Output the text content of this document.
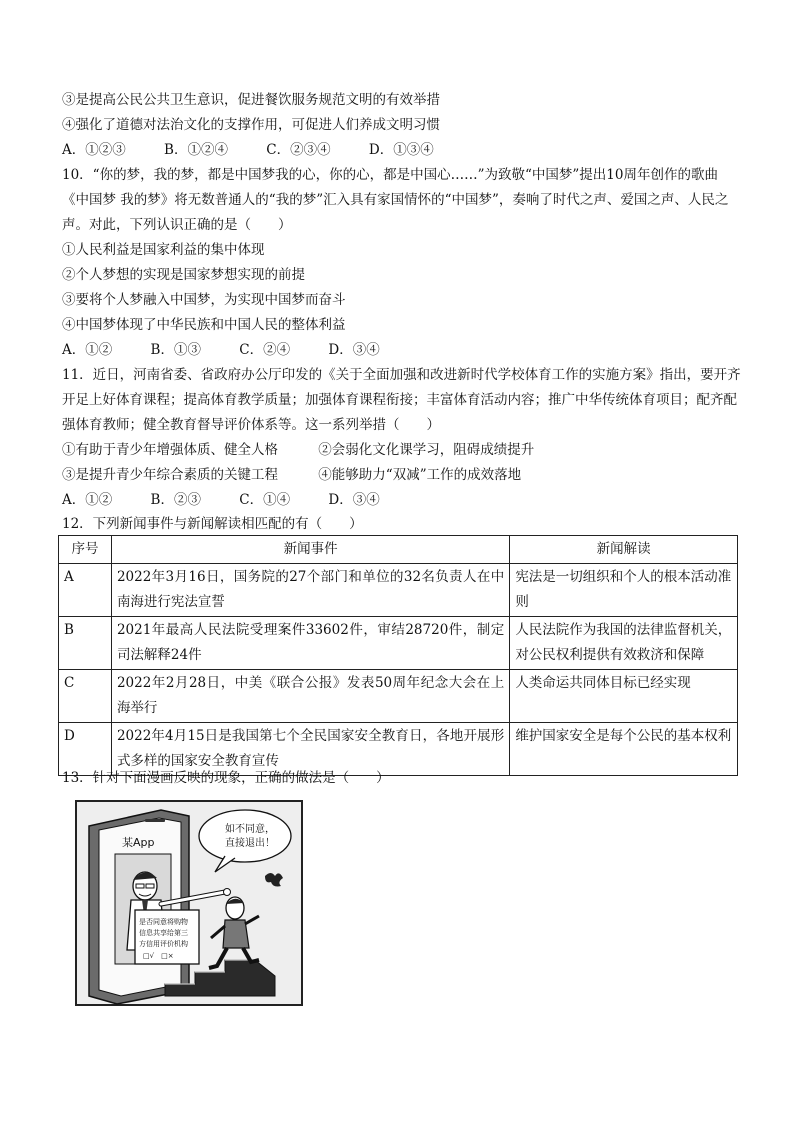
③是提高公民公共卫生意识，促进餐饮服务规范文明的有效举措
④强化了道德对法治文化的支撑作用，可促进人们养成文明习惯
A．①②③	B．①②④	C．②③④	D．①③④
10．“你的梦，我的梦，都是中国梦我的心，你的心，都是中国心……”为致敬“中国梦”提出10周年创作的歌曲《中国梦 我的梦》将无数普通人的“我的梦”汇入具有家国情怀的“中国梦”，奏响了时代之声、爱国之声、人民之声。对此，下列认识正确的是（　　）
①人民利益是国家利益的集中体现
②个人梦想的实现是国家梦想实现的前提
③要将个人梦融入中国梦，为实现中国梦而奋斗
④中国梦体现了中华民族和中国人民的整体利益
A．①②	B．①③	C．②④	D．③④
11．近日，河南省委、省政府办公厅印发的《关于全面加强和改进新时代学校体育工作的实施方案》指出，要开齐开足上好体育课程；提高体育教学质量；加强体育课程衔接；丰富体育活动内容；推广中华传统体育项目；配齐配强体育教师；健全教育督导评价体系等。这一系列举措（　　）
①有助于青少年增强体质、健全人格	②会弱化文化课学习，阻碍成绩提升
③是提升青少年综合素质的关键工程	④能够助力“双减”工作的成效落地
A．①②	B．②③	C．①④	D．③④
12．下列新闻事件与新闻解读相匹配的有（　　）
序号	新闻事件	新闻解读
A	2022年3月16日，国务院的27个部门和单位的32名负责人在中南海进行宪法宣誓	宪法是一切组织和个人的根本活动准则
B	2021年最高人民法院受理案件33602件，审结28720件，制定司法解释24件	人民法院作为我国的法律监督机关，对公民权利提供有效救济和保障
C	2022年2月28日，中美《联合公报》发表50周年纪念大会在上海举行	人类命运共同体目标已经实现
D	2022年4月15日是我国第七个全民国家安全教育日，各地开展形式多样的国家安全教育宣传	维护国家安全是每个公民的基本权利
13．针对下面漫画反映的现象，正确的做法是（　　）
某App
如不同意，
直接退出！
是否同意将购物
信息共享给第三
方信用评价机构
□√　□×
